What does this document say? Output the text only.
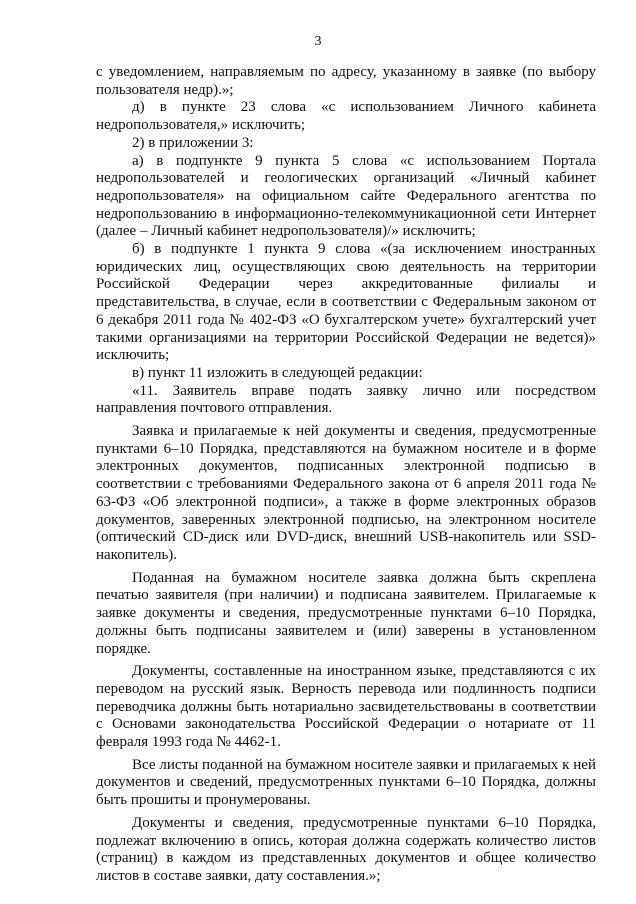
3

с уведомлением, направляемым по адресу, указанному в заявке (по выбору пользователя недр).»;

д) в пункте 23 слова «с использованием Личного кабинета недропользователя,» исключить;

2) в приложении 3:

а) в подпункте 9 пункта 5 слова «с использованием Портала недропользователей и геологических организаций «Личный кабинет недропользователя» на официальном сайте Федерального агентства по недропользованию в информационно-телекоммуникационной сети Интернет (далее – Личный кабинет недропользователя)/» исключить;

б) в подпункте 1 пункта 9 слова «(за исключением иностранных юридических лиц, осуществляющих свою деятельность на территории Российской Федерации через аккредитованные филиалы и представительства, в случае, если в соответствии с Федеральным законом от 6 декабря 2011 года № 402-ФЗ «О бухгалтерском учете» бухгалтерский учет такими организациями на территории Российской Федерации не ведется)» исключить;

в) пункт 11 изложить в следующей редакции:

«11. Заявитель вправе подать заявку лично или посредством направления почтового отправления.

Заявка и прилагаемые к ней документы и сведения, предусмотренные пунктами 6–10 Порядка, представляются на бумажном носителе и в форме электронных документов, подписанных электронной подписью в соответствии с требованиями Федерального закона от 6 апреля 2011 года № 63-ФЗ «Об электронной подписи», а также в форме электронных образов документов, заверенных электронной подписью, на электронном носителе (оптический CD-диск или DVD-диск, внешний USB-накопитель или SSD-накопитель).

Поданная на бумажном носителе заявка должна быть скреплена печатью заявителя (при наличии) и подписана заявителем. Прилагаемые к заявке документы и сведения, предусмотренные пунктами 6–10 Порядка, должны быть подписаны заявителем и (или) заверены в установленном порядке.

Документы, составленные на иностранном языке, представляются с их переводом на русский язык. Верность перевода или подлинность подписи переводчика должны быть нотариально засвидетельствованы в соответствии с Основами законодательства Российской Федерации о нотариате от 11 февраля 1993 года № 4462-1.

Все листы поданной на бумажном носителе заявки и прилагаемых к ней документов и сведений, предусмотренных пунктами 6–10 Порядка, должны быть прошиты и пронумерованы.

Документы и сведения, предусмотренные пунктами 6–10 Порядка, подлежат включению в опись, которая должна содержать количество листов (страниц) в каждом из представленных документов и общее количество листов в составе заявки, дату составления.»;
